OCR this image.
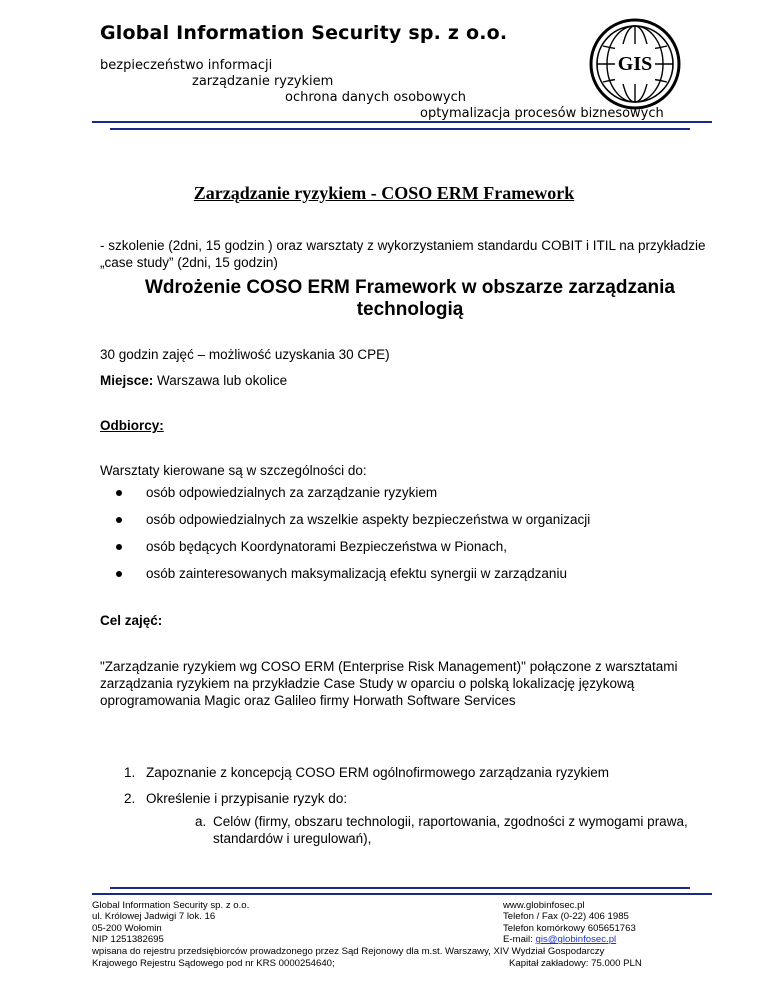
Global Information Security sp. z o.o.
bezpieczeństwo informacji
zarządzanie ryzykiem
ochrona danych osobowych
optymalizacja procesów biznesowych
GIS
Zarządzanie ryzykiem - COSO ERM Framework
- szkolenie (2dni, 15 godzin ) oraz warsztaty z wykorzystaniem standardu COBIT i ITIL na przykładzie „case study” (2dni, 15 godzin)
Wdrożenie COSO ERM Framework w obszarze zarządzania technologią
30 godzin zajęć – możliwość uzyskania 30 CPE)
Miejsce: Warszawa lub okolice
Odbiorcy:
Warsztaty kierowane są w szczególności do:
osób odpowiedzialnych za zarządzanie ryzykiem
osób odpowiedzialnych za wszelkie aspekty bezpieczeństwa w organizacji
osób będących Koordynatorami Bezpieczeństwa w Pionach,
osób zainteresowanych maksymalizacją efektu synergii w zarządzaniu
Cel zajęć:
"Zarządzanie ryzykiem wg COSO ERM (Enterprise Risk Management)" połączone z warsztatami zarządzania ryzykiem na przykładzie Case Study w oparciu o polską lokalizację językową oprogramowania Magic oraz Galileo firmy Horwath Software Services
1. Zapoznanie z koncepcją COSO ERM ogólnofirmowego zarządzania ryzykiem
2. Określenie i przypisanie ryzyk do:
a. Celów (firmy, obszaru technologii, raportowania, zgodności z wymogami prawa, standardów i uregulowań),
Global Information Security sp. z o.o.
ul. Królowej Jadwigi 7 lok. 16
05-200 Wołomin
NIP 1251382695
www.globinfosec.pl
Telefon / Fax (0-22) 406 1985
Telefon komórkowy 605651763
E-mail: gis@globinfosec.pl
wpisana do rejestru przedsiębiorców prowadzonego przez Sąd Rejonowy dla m.st. Warszawy, XIV Wydział Gospodarczy
Krajowego Rejestru Sądowego pod nr KRS 0000254640;	Kapitał zakładowy: 75.000 PLN
